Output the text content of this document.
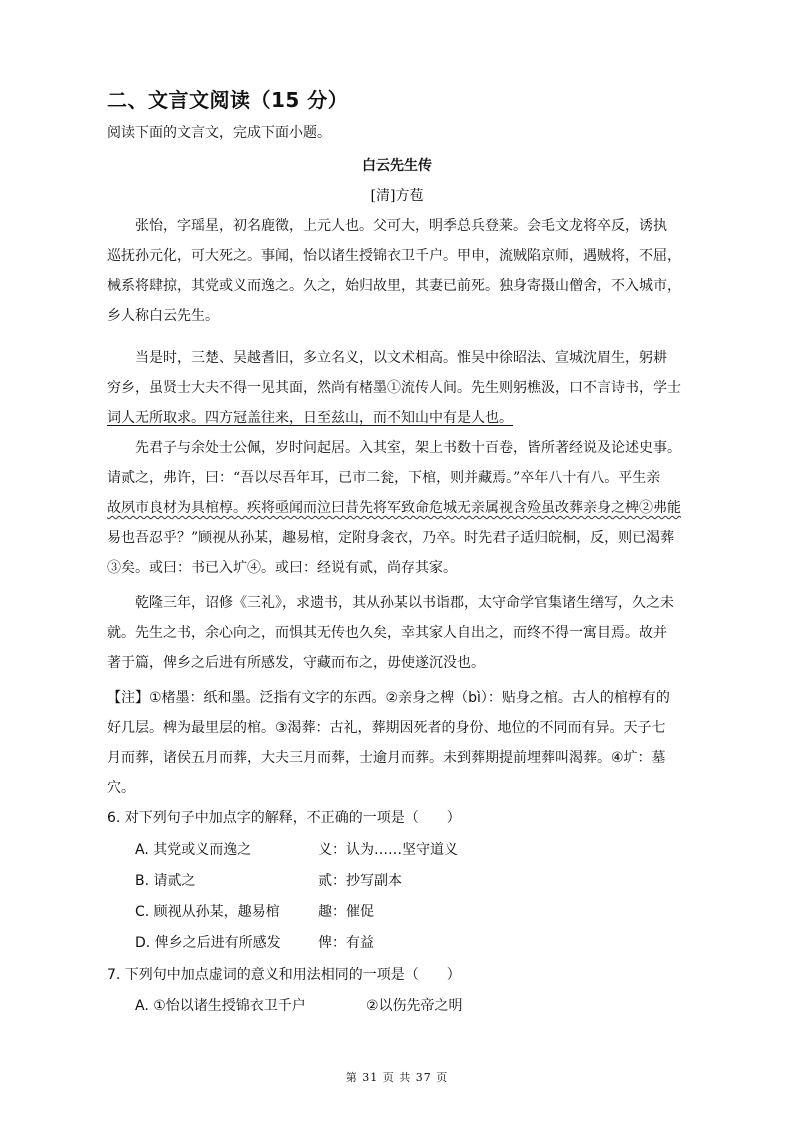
二、文言文阅读（15 分）
阅读下面的文言文，完成下面小题。
白云先生传
[清]方苞
张怡，字瑶星，初名鹿徵，上元人也。父可大，明季总兵登莱。会毛文龙将卒反，诱执
巡抚孙元化，可大死之。事闻，怡以诸生授锦衣卫千户。甲申，流贼陷京师，遇贼将，不屈，
械系将肆掠，其党或义而逸之。久之，始归故里，其妻已前死。独身寄摄山僧舍，不入城市，
乡人称白云先生。
当是时，三楚、吴越耆旧，多立名义，以文术相高。惟吴中徐昭法、宣城沈眉生，躬耕
穷乡，虽贤士大夫不得一见其面，然尚有楮墨①流传人间。先生则躬樵汲，口不言诗书，学士
词人无所取求。四方冠盖往来，日至兹山，而不知山中有是人也。
先君子与余处士公佩，岁时问起居。入其室，架上书数十百卷，皆所著经说及论述史事。
请贰之，弗许，曰：“吾以尽吾年耳，已市二瓮，下棺，则并藏焉。”卒年八十有八。平生亲
故夙市良材为具棺椁。疾将亟闻而泣曰昔先将军致命危城无亲属视含殓虽改葬亲身之椑②弗能
易也吾忍乎？”顾视从孙某，趣易棺，定附身衾衣，乃卒。时先君子适归皖桐，反，则已渴葬
③矣。或曰：书已入圹④。或曰：经说有贰，尚存其家。
乾隆三年，诏修《三礼》，求遗书，其从孙某以书诣郡，太守命学官集诸生缮写，久之未
就。先生之书，余心向之，而惧其无传也久矣，幸其家人自出之，而终不得一寓目焉。故并
著于篇，俾乡之后进有所感发，守藏而布之，毋使遂沉没也。
【注】①楮墨：纸和墨。泛指有文字的东西。②亲身之椑（bì）：贴身之棺。古人的棺椁有的
好几层。椑为最里层的棺。③渴葬：古礼，葬期因死者的身份、地位的不同而有异。天子七
月而葬，诸侯五月而葬，大夫三月而葬，士逾月而葬。未到葬期提前埋葬叫渴葬。④圹：墓
穴。
6. 对下列句子中加点字的解释，不正确的一项是（　　）
A. 其党或义而逸之	义：认为……坚守道义
B. 请贰之	贰：抄写副本
C. 顾视从孙某，趣易棺	趣：催促
D. 俾乡之后进有所感发	俾：有益
7. 下列句中加点虚词的意义和用法相同的一项是（　　）
A. ①怡以诸生授锦衣卫千户	②以伤先帝之明
第 31 页 共 37 页
